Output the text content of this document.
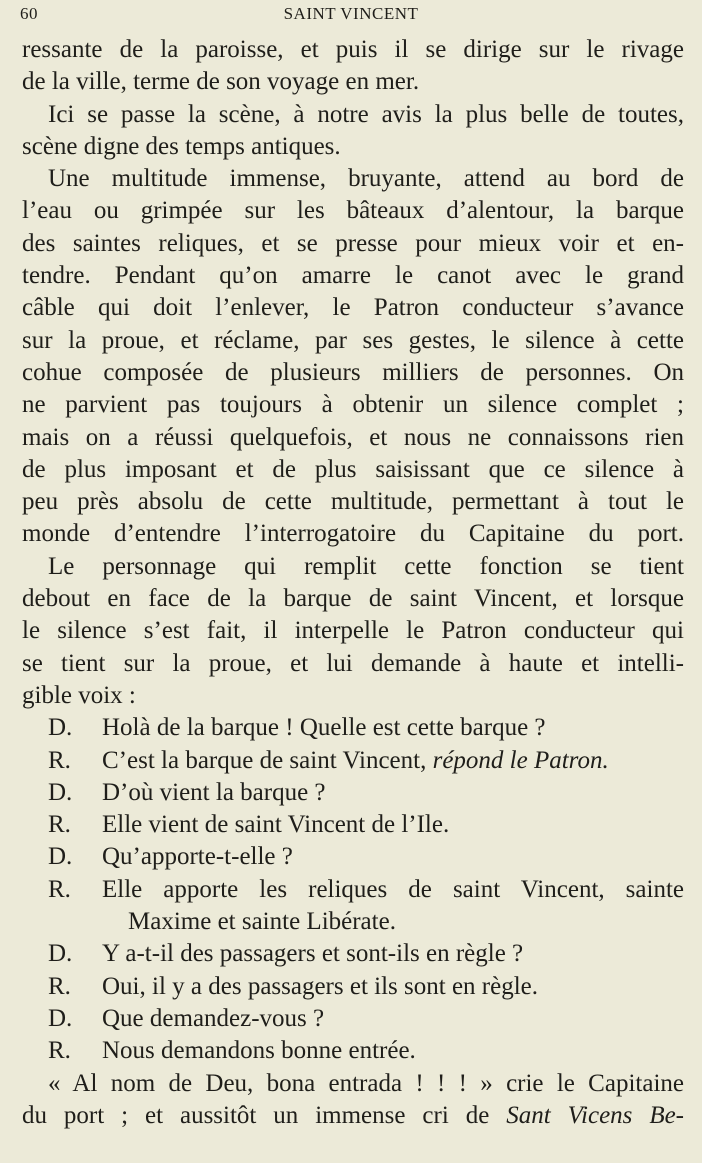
60	SAINT VINCENT

ressante de la paroisse, et puis il se dirige sur le rivage
de la ville, terme de son voyage en mer.

Ici se passe la scène, à notre avis la plus belle de toutes,
scène digne des temps antiques.

Une multitude immense, bruyante, attend au bord de
l’eau ou grimpée sur les bâteaux d’alentour, la barque
des saintes reliques, et se presse pour mieux voir et en-
tendre. Pendant qu’on amarre le canot avec le grand
câble qui doit l’enlever, le Patron conducteur s’avance
sur la proue, et réclame, par ses gestes, le silence à cette
cohue composée de plusieurs milliers de personnes. On
ne parvient pas toujours à obtenir un silence complet ;
mais on a réussi quelquefois, et nous ne connaissons rien
de plus imposant et de plus saisissant que ce silence à
peu près absolu de cette multitude, permettant à tout le
monde d’entendre l’interrogatoire du Capitaine du port.

Le personnage qui remplit cette fonction se tient
debout en face de la barque de saint Vincent, et lorsque
le silence s’est fait, il interpelle le Patron conducteur qui
se tient sur la proue, et lui demande à haute et intelli-
gible voix :

D.	Holà de la barque ! Quelle est cette barque ?
R.	C’est la barque de saint Vincent, répond le Patron.
D.	D’où vient la barque ?
R.	Elle vient de saint Vincent de l’Ile.
D.	Qu’apporte-t-elle ?
R.	Elle apporte les reliques de saint Vincent, sainte
Maxime et sainte Libérate.
D.	Y a-t-il des passagers et sont-ils en règle ?
R.	Oui, il y a des passagers et ils sont en règle.
D.	Que demandez-vous ?
R.	Nous demandons bonne entrée.

« Al nom de Deu, bona entrada ! ! ! » crie le Capitaine
du port ; et aussitôt un immense cri de Sant Vicens Be-
